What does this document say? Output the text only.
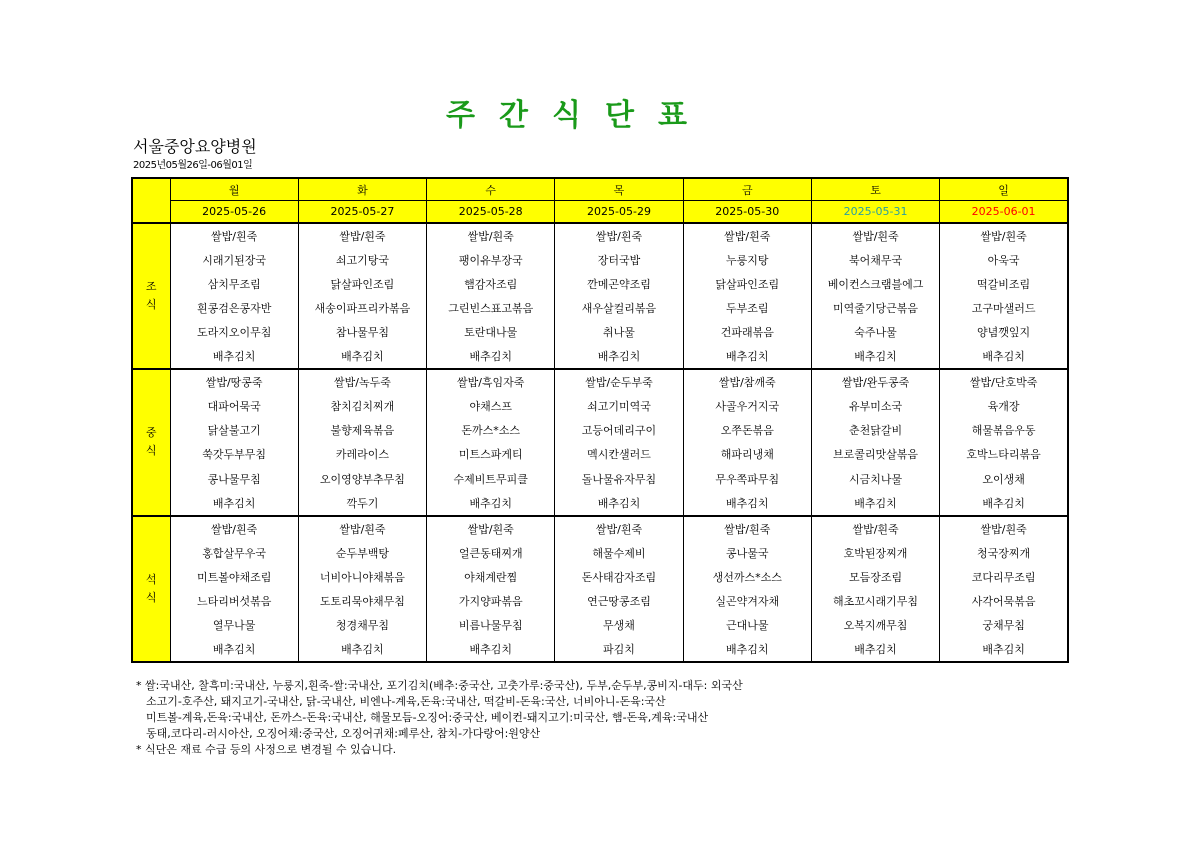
주간식단표
서울중앙요양병원
2025년05월26일-06월01일
	월	화	수	목	금	토	일
	2025-05-26	2025-05-27	2025-05-28	2025-05-29	2025-05-30	2025-05-31	2025-06-01
조
식	쌀밥/흰죽	쌀밥/흰죽	쌀밥/흰죽	쌀밥/흰죽	쌀밥/흰죽	쌀밥/흰죽	쌀밥/흰죽
	시래기된장국	쇠고기탕국	팽이유부장국	장터국밥	누룽지탕	북어채무국	아욱국
	삼치무조림	닭살파인조림	햄감자조림	깐메곤약조림	닭살파인조림	베이컨스크램블에그	떡갈비조림
	흰콩검은콩자반	새송이파프리카볶음	그린빈스표고볶음	새우살컬리볶음	두부조림	미역줄기당근볶음	고구마샐러드
	도라지오이무침	참나물무침	토란대나물	취나물	건파래볶음	숙주나물	양념깻잎지
	배추김치	배추김치	배추김치	배추김치	배추김치	배추김치	배추김치
중
식	쌀밥/땅콩죽	쌀밥/녹두죽	쌀밥/흑임자죽	쌀밥/순두부죽	쌀밥/참깨죽	쌀밥/완두콩죽	쌀밥/단호박죽
	대파어묵국	참치김치찌개	야채스프	쇠고기미역국	사골우거지국	유부미소국	육개장
	닭살불고기	불향제육볶음	돈까스*소스	고등어데리구이	오쭈돈볶음	춘천닭갈비	해물볶음우동
	쑥갓두부무침	카레라이스	미트스파게티	멕시칸샐러드	해파리냉채	브로콜리맛살볶음	호박느타리볶음
	콩나물무침	오이영양부추무침	수제비트무피클	돌나물유자무침	무우쪽파무침	시금치나물	오이생채
	배추김치	깍두기	배추김치	배추김치	배추김치	배추김치	배추김치
석
식	쌀밥/흰죽	쌀밥/흰죽	쌀밥/흰죽	쌀밥/흰죽	쌀밥/흰죽	쌀밥/흰죽	쌀밥/흰죽
	홍합살무우국	순두부백탕	얼큰동태찌개	해물수제비	콩나물국	호박된장찌개	청국장찌개
	미트볼야채조림	너비아니야채볶음	야채계란찜	돈사태감자조림	생선까스*소스	모듬장조림	코다리무조림
	느타리버섯볶음	도토리묵야채무침	가지양파볶음	연근땅콩조림	실곤약겨자채	해초꼬시래기무침	사각어묵볶음
	열무나물	청경채무침	비름나물무침	무생채	근대나물	오복지깨무침	궁채무침
	배추김치	배추김치	배추김치	파김치	배추김치	배추김치	배추김치
* 쌀:국내산, 찰흑미:국내산, 누룽지,흰죽-쌀:국내산, 포기김치(배추:중국산, 고춧가루:중국산), 두부,순두부,콩비지-대두: 외국산
소고기-호주산, 돼지고기-국내산, 닭-국내산, 비엔나-계육,돈육:국내산, 떡갈비-돈육:국산, 너비아니-돈육:국산
미트볼-계육,돈육:국내산, 돈까스-돈육:국내산, 해물모듬-오징어:중국산, 베이컨-돼지고기:미국산, 햄-돈육,계육:국내산
동태,코다리-러시아산, 오징어채:중국산, 오징어귀채:페루산, 참치-가다랑어:원양산
* 식단은 재료 수급 등의 사정으로 변경될 수 있습니다.
